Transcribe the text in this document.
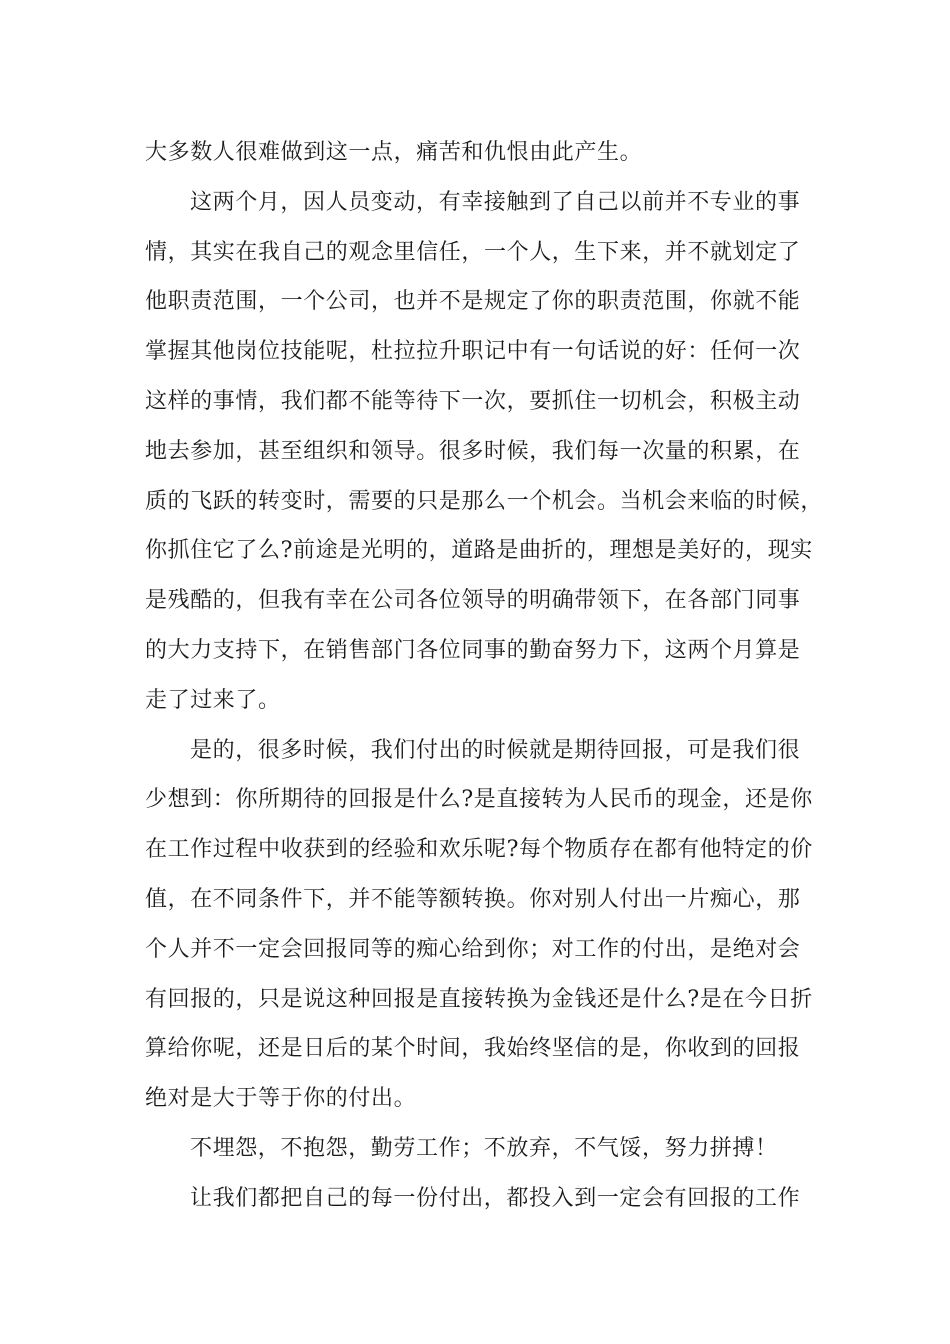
大多数人很难做到这一点，痛苦和仇恨由此产生。
这两个月，因人员变动，有幸接触到了自己以前并不专业的事
情，其实在我自己的观念里信任，一个人，生下来，并不就划定了
他职责范围，一个公司，也并不是规定了你的职责范围，你就不能
掌握其他岗位技能呢，杜拉拉升职记中有一句话说的好：任何一次
这样的事情，我们都不能等待下一次，要抓住一切机会，积极主动
地去参加，甚至组织和领导。很多时候，我们每一次量的积累，在
质的飞跃的转变时，需要的只是那么一个机会。当机会来临的时候，
你抓住它了么?前途是光明的，道路是曲折的，理想是美好的，现实
是残酷的，但我有幸在公司各位领导的明确带领下，在各部门同事
的大力支持下，在销售部门各位同事的勤奋努力下，这两个月算是
走了过来了。
是的，很多时候，我们付出的时候就是期待回报，可是我们很
少想到：你所期待的回报是什么?是直接转为人民币的现金，还是你
在工作过程中收获到的经验和欢乐呢?每个物质存在都有他特定的价
值，在不同条件下，并不能等额转换。你对别人付出一片痴心，那
个人并不一定会回报同等的痴心给到你；对工作的付出，是绝对会
有回报的，只是说这种回报是直接转换为金钱还是什么?是在今日折
算给你呢，还是日后的某个时间，我始终坚信的是，你收到的回报
绝对是大于等于你的付出。
不埋怨，不抱怨，勤劳工作；不放弃，不气馁，努力拼搏！
让我们都把自己的每一份付出，都投入到一定会有回报的工作
